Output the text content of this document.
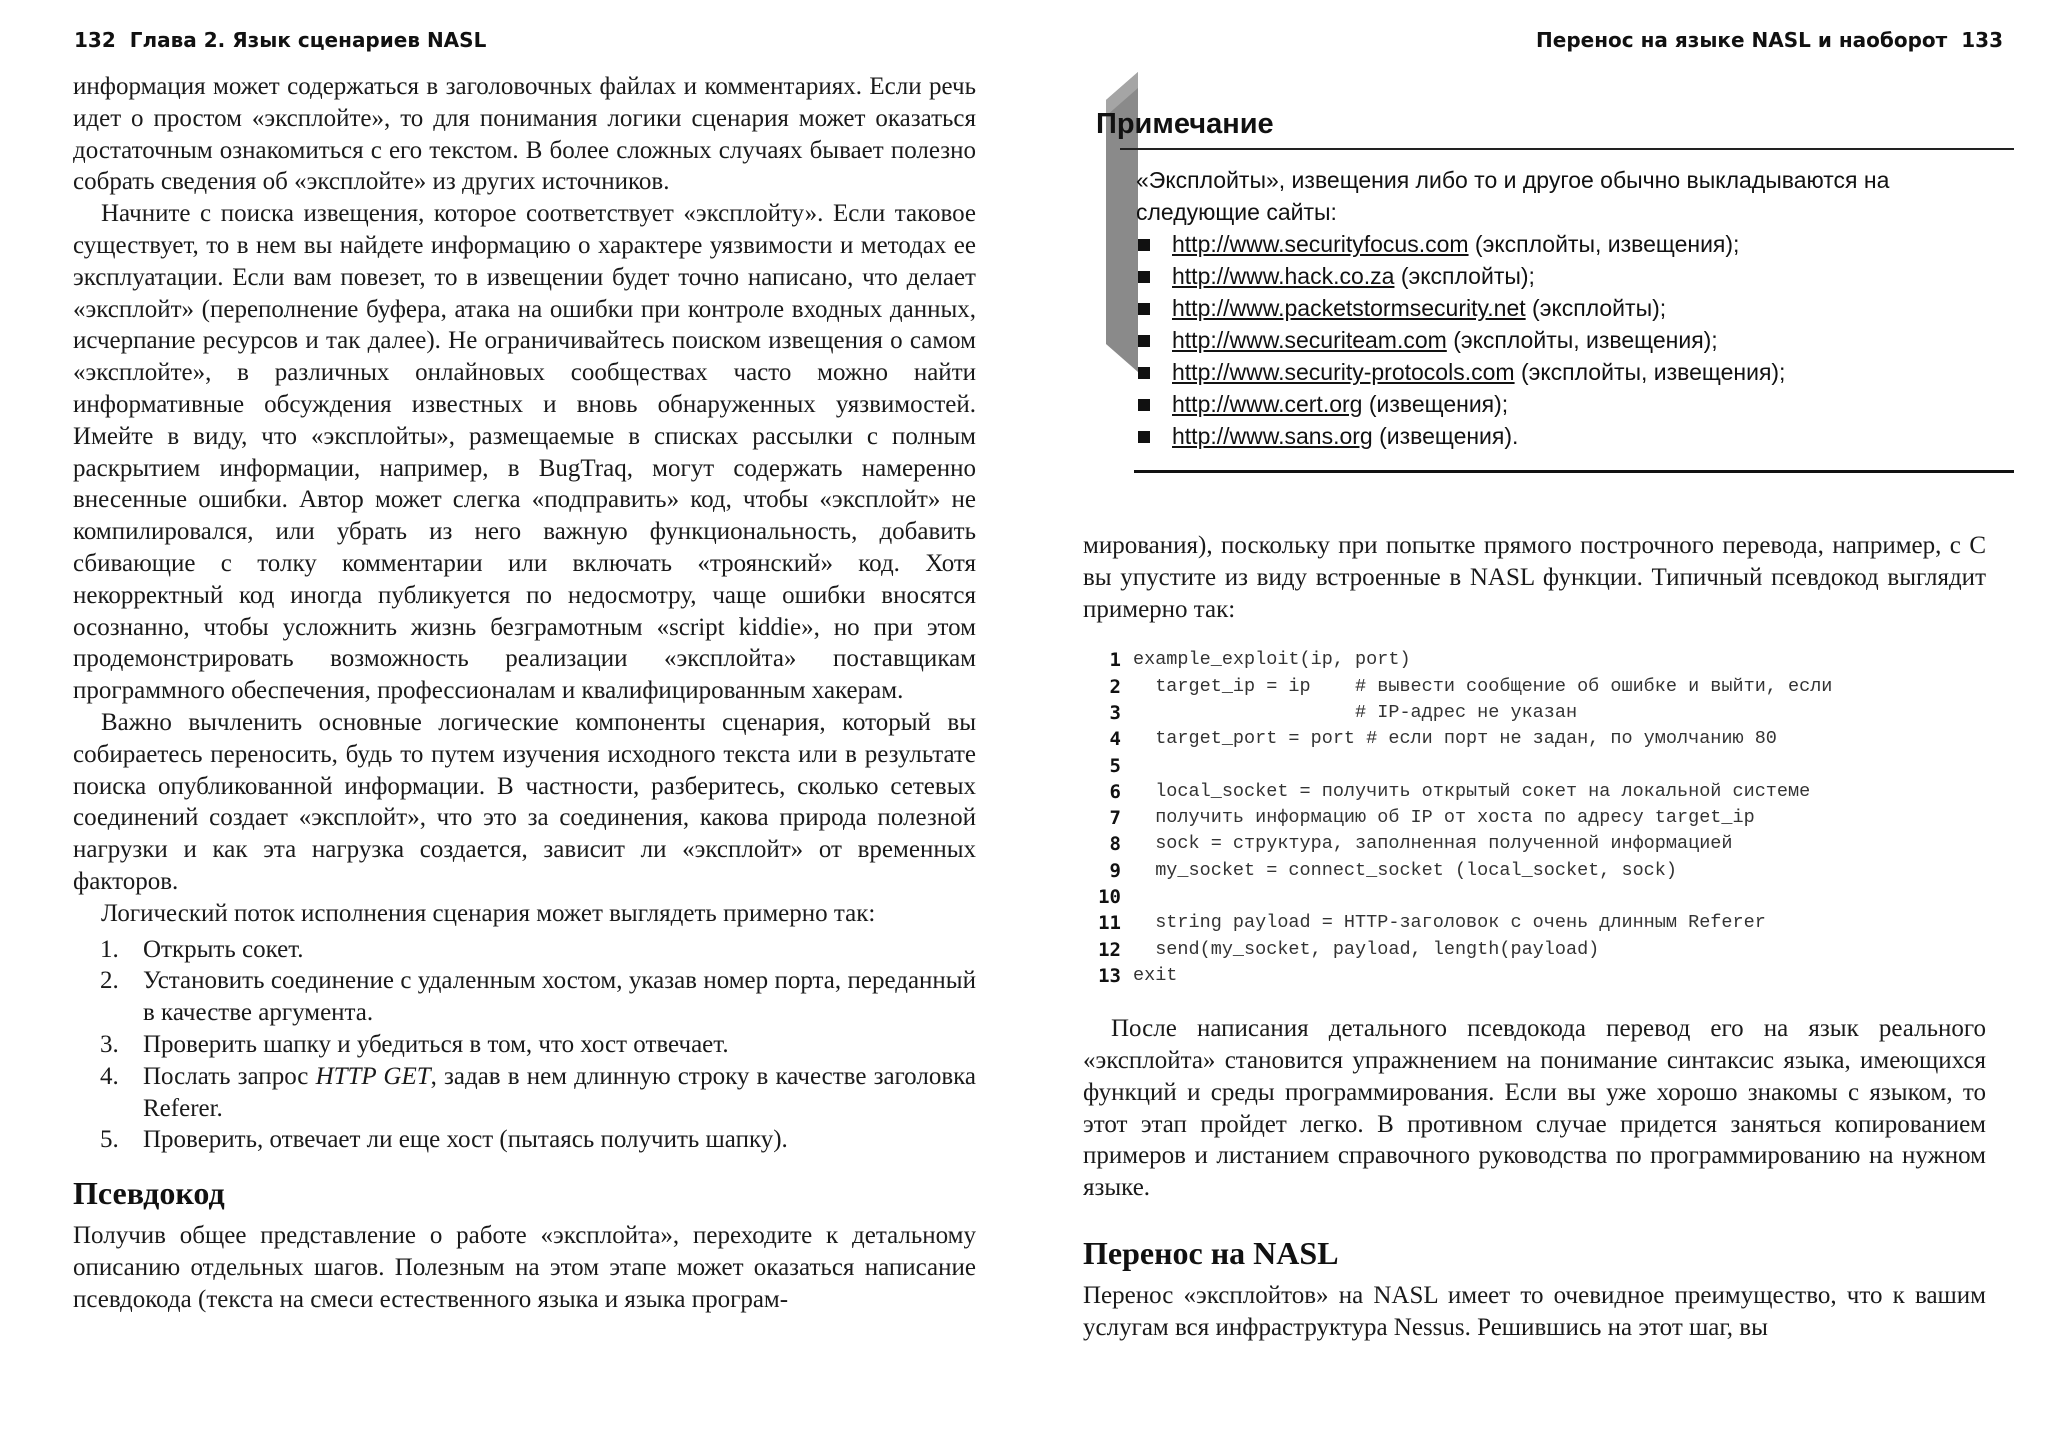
132 Глава 2. Язык сценариев NASL

информация может содержаться в заголовочных файлах и комментариях. Если речь идет о простом «эксплойте», то для понимания логики сценария может оказаться достаточным ознакомиться с его текстом. В более сложных случаях бывает полезно собрать сведения об «эксплойте» из других источников.

Начните с поиска извещения, которое соответствует «эксплойту». Если таковое существует, то в нем вы найдете информацию о характере уязвимости и методах ее эксплуатации. Если вам повезет, то в извещении будет точно написано, что делает «эксплойт» (переполнение буфера, атака на ошибки при контроле входных данных, исчерпание ресурсов и так далее). Не ограничивайтесь поиском извещения о самом «эксплойте», в различных онлайновых сообществах часто можно найти информативные обсуждения известных и вновь обнаруженных уязвимостей. Имейте в виду, что «эксплойты», размещаемые в списках рассылки с полным раскрытием информации, например, в BugTraq, могут содержать намеренно внесенные ошибки. Автор может слегка «подправить» код, чтобы «эксплойт» не компилировался, или убрать из него важную функциональность, добавить сбивающие с толку комментарии или включать «троянский» код. Хотя некорректный код иногда публикуется по недосмотру, чаще ошибки вносятся осознанно, чтобы усложнить жизнь безграмотным «script kiddie», но при этом продемонстрировать возможность реализации «эксплойта» поставщикам программного обеспечения, профессионалам и квалифицированным хакерам.

Важно вычленить основные логические компоненты сценария, который вы собираетесь переносить, будь то путем изучения исходного текста или в результате поиска опубликованной информации. В частности, разберитесь, сколько сетевых соединений создает «эксплойт», что это за соединения, какова природа полезной нагрузки и как эта нагрузка создается, зависит ли «эксплойт» от временных факторов.

Логический поток исполнения сценария может выглядеть примерно так:

1. Открыть сокет.
2. Установить соединение с удаленным хостом, указав номер порта, переданный в качестве аргумента.
3. Проверить шапку и убедиться в том, что хост отвечает.
4. Послать запрос HTTP GET, задав в нем длинную строку в качестве заголовка Referer.
5. Проверить, отвечает ли еще хост (пытаясь получить шапку).
Псевдокод

Получив общее представление о работе «эксплойта», переходите к детальному описанию отдельных шагов. Полезным на этом этапе может оказаться написание псевдокода (текста на смеси естественного языка и языка програм-

Перенос на языке NASL и наоборот 133
Примечание
«Эксплойты», извещения либо то и другое обычно выкладываются на следующие сайты:
http://www.securityfocus.com (эксплойты, извещения);
http://www.hack.co.za (эксплойты);
http://www.packetstormsecurity.net (эксплойты);
http://www.securiteam.com (эксплойты, извещения);
http://www.security-protocols.com (эксплойты, извещения);
http://www.cert.org (извещения);
http://www.sans.org (извещения).

мирования), поскольку при попытке прямого построчного перевода, например, с C вы упустите из виду встроенные в NASL функции. Типичный псевдокод выглядит примерно так:

1 example_exploit(ip, port)
2 target_ip = ip    # вывести сообщение об ошибке и выйти, если
3 # IP-адрес не указан
4 target_port = port # если порт не задан, по умолчанию 80
5
6 local_socket = получить открытый сокет на локальной системе
7 получить информацию об IP от хоста по адресу target_ip
8 sock = структура, заполненная полученной информацией
9 my_socket = connect_socket (local_socket, sock)
10
11 string payload = HTTP-заголовок с очень длинным Referer
12 send(my_socket, payload, length(payload)
13 exit

После написания детального псевдокода перевод его на язык реального «эксплойта» становится упражнением на понимание синтаксис языка, имеющихся функций и среды программирования. Если вы уже хорошо знакомы с языком, то этот этап пройдет легко. В противном случае придется заняться копированием примеров и листанием справочного руководства по программированию на нужном языке.

Перенос на NASL

Перенос «эксплойтов» на NASL имеет то очевидное преимущество, что к вашим услугам вся инфраструктура Nessus. Решившись на этот шаг, вы
